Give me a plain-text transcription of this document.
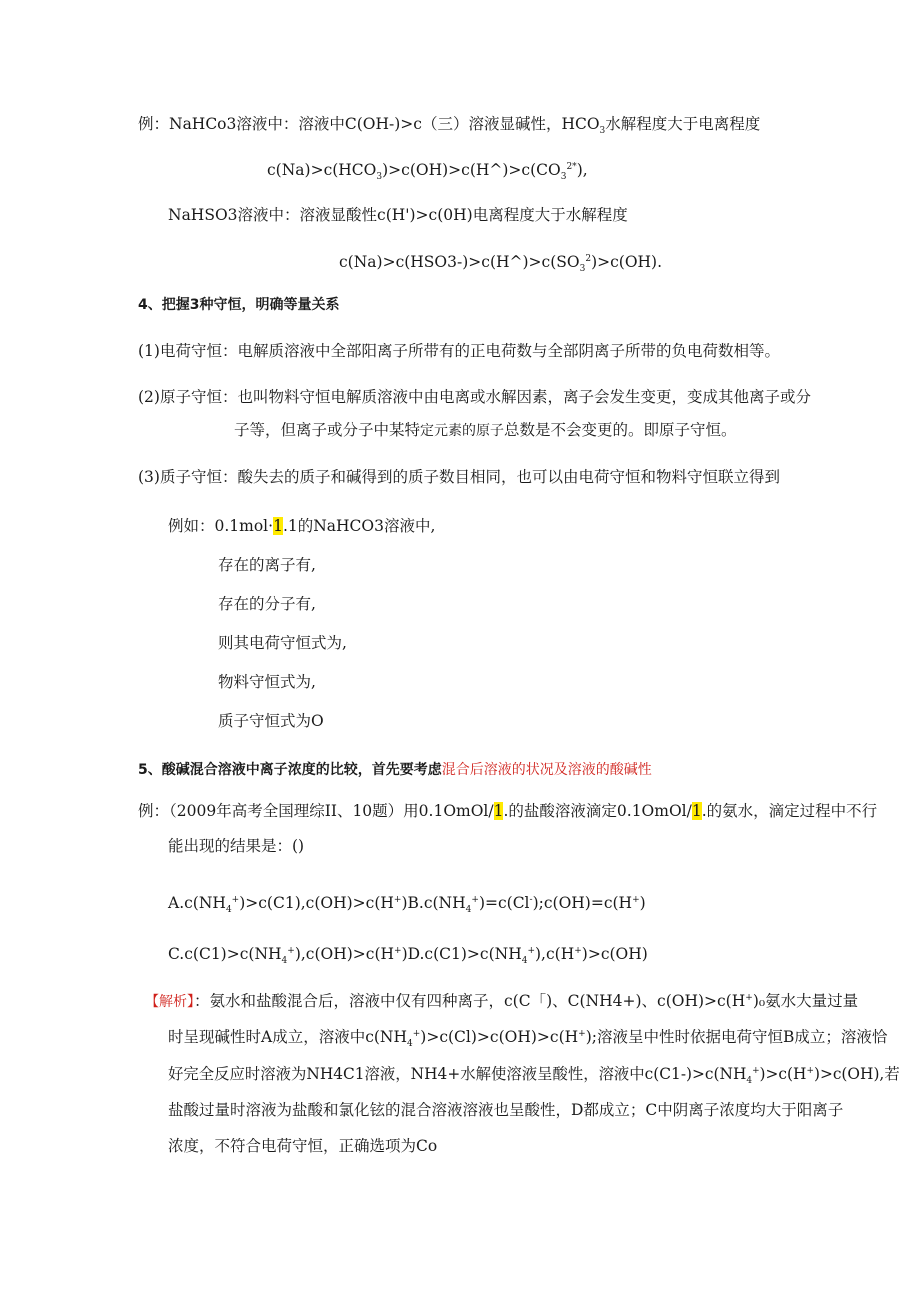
例：NaHCo3溶液中：溶液中C(OH-)>c（三）溶液显碱性，$HCO_3$水解程度大于电离程度
$c(Na)>c(HCO_3)>c(OH)>c(H\^{})>c(CO_3^{2*})$,
NaHSO3溶液中：溶液显酸性c(H')>c(0H)电离程度大于水解程度
$c(Na)>c(HSO3-)>c(H\^{})>c(SO_3^2)>c(OH)$.
4、把握3种守恒，明确等量关系
(1)电荷守恒：电解质溶液中全部阳离子所带有的正电荷数与全部阴离子所带的负电荷数相等。
(2)原子守恒：也叫物料守恒电解质溶液中由电离或水解因素，离子会发生变更，变成其他离子或分
子等，但离子或分子中某特定元素的原子总数是不会变更的。即原子守恒。
(3)质子守恒：酸失去的质子和碱得到的质子数目相同，也可以由电荷守恒和物料守恒联立得到
例如：0.1mol·1.1的NaHCO3溶液中,
存在的离子有,
存在的分子有,
则其电荷守恒式为,
物料守恒式为,
质子守恒式为O
5、酸碱混合溶液中离子浓度的比较，首先要考虑混合后溶液的状况及溶液的酸碱性
例：（2009年高考全国理综II、10题）用0.1OmOl/1.的盐酸溶液滴定0.1OmOl/1.的氨水，滴定过程中不行
能出现的结果是：()
$A.c(NH_4^+)>c(C1),c(OH)>c(H^+)B.c(NH_4^+)=c(Cl^-);c(OH)=c(H^+)$
$C.c(C1)>c(NH_4^+),c(OH)>c(H^+)D.c(C1)>c(NH_4^+),c(H^+)>c(OH)$
【解析】：氨水和盐酸混合后，溶液中仅有四种离子，c(C「)、C(NH4+)、c(OH)>c(H+)₀氨水大量过量
时呈现碱性时A成立，溶液中$c(NH_4^+)>c(Cl)>c(OH)>c(H^+)$;溶液呈中性时依据电荷守恒B成立；溶液恰
好完全反应时溶液为NH4C1溶液，NH4+水解使溶液呈酸性，溶液中$c(C1-)>c(NH_4^+)>c(H^+)>c(OH)$,若
盐酸过量时溶液为盐酸和氯化铉的混合溶液溶液也呈酸性，D都成立；C中阴离子浓度均大于阳离子
浓度，不符合电荷守恒，正确选项为Co
